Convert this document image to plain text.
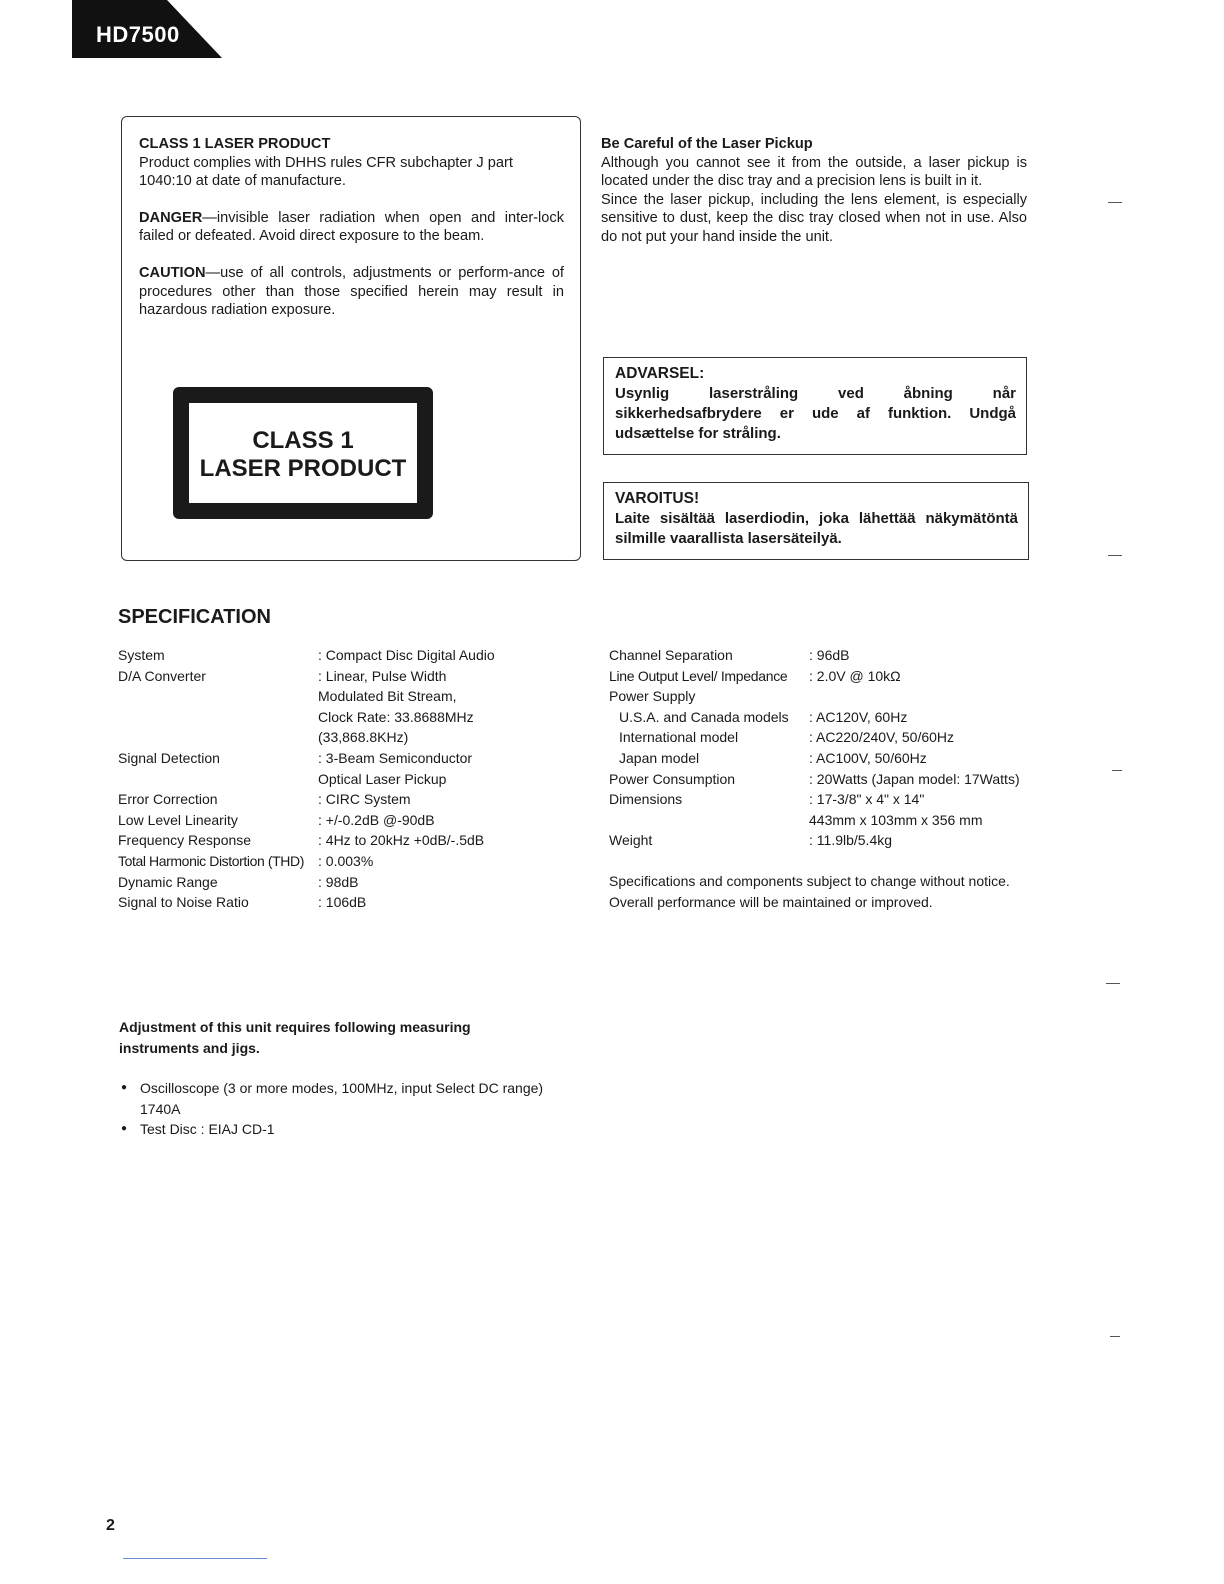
HD7500

CLASS 1 LASER PRODUCT
Product complies with DHHS rules CFR subchapter J part 1040:10 at date of manufacture.

DANGER—invisible laser radiation when open and inter-lock failed or defeated. Avoid direct exposure to the beam.

CAUTION—use of all controls, adjustments or perform-ance of procedures other than those specified herein may result in hazardous radiation exposure.

CLASS 1
LASER PRODUCT
Be Careful of the Laser Pickup

Although you cannot see it from the outside, a laser pickup is located under the disc tray and a precision lens is built in it.

Since the laser pickup, including the lens element, is especially sensitive to dust, keep the disc tray closed when not in use. Also do not put your hand inside the unit.

ADVARSEL:
Usynlig laserstråling ved åbning når sikkerhedsafbrydere er ude af funktion. Undgå udsættelse for stråling.
VAROITUS!
Laite sisältää laserdiodin, joka lähettää näkymätöntä silmille vaarallista lasersäteilyä.
SPECIFICATION
System	: Compact Disc Digital Audio
D/A Converter	: Linear, Pulse Width
Modulated Bit Stream,
Clock Rate: 33.8688MHz
(33,868.8KHz)
Signal Detection	: 3-Beam Semiconductor
Optical Laser Pickup
Error Correction	: CIRC System
Low Level Linearity	: +/-0.2dB @-90dB
Frequency Response	: 4Hz to 20kHz +0dB/-.5dB
Total Harmonic Distortion (THD)	: 0.003%
Dynamic Range	: 98dB
Signal to Noise Ratio	: 106dB
Channel Separation	: 96dB
Line Output Level/ Impedance	: 2.0V @ 10kΩ
Power Supply
U.S.A. and Canada models	: AC120V, 60Hz
International model	: AC220/240V, 50/60Hz
Japan model	: AC100V, 50/60Hz
Power Consumption	: 20Watts (Japan model: 17Watts)
Dimensions	: 17-3/8" x 4" x 14"
443mm x 103mm x 356 mm
Weight	: 11.9lb/5.4kg
Specifications and components subject to change without notice.
Overall performance will be maintained or improved.
Adjustment of this unit requires following measuring instruments and jigs.
● Oscilloscope (3 or more modes, 100MHz, input Select DC range) 1740A
● Test Disc : EIAJ CD-1
2
